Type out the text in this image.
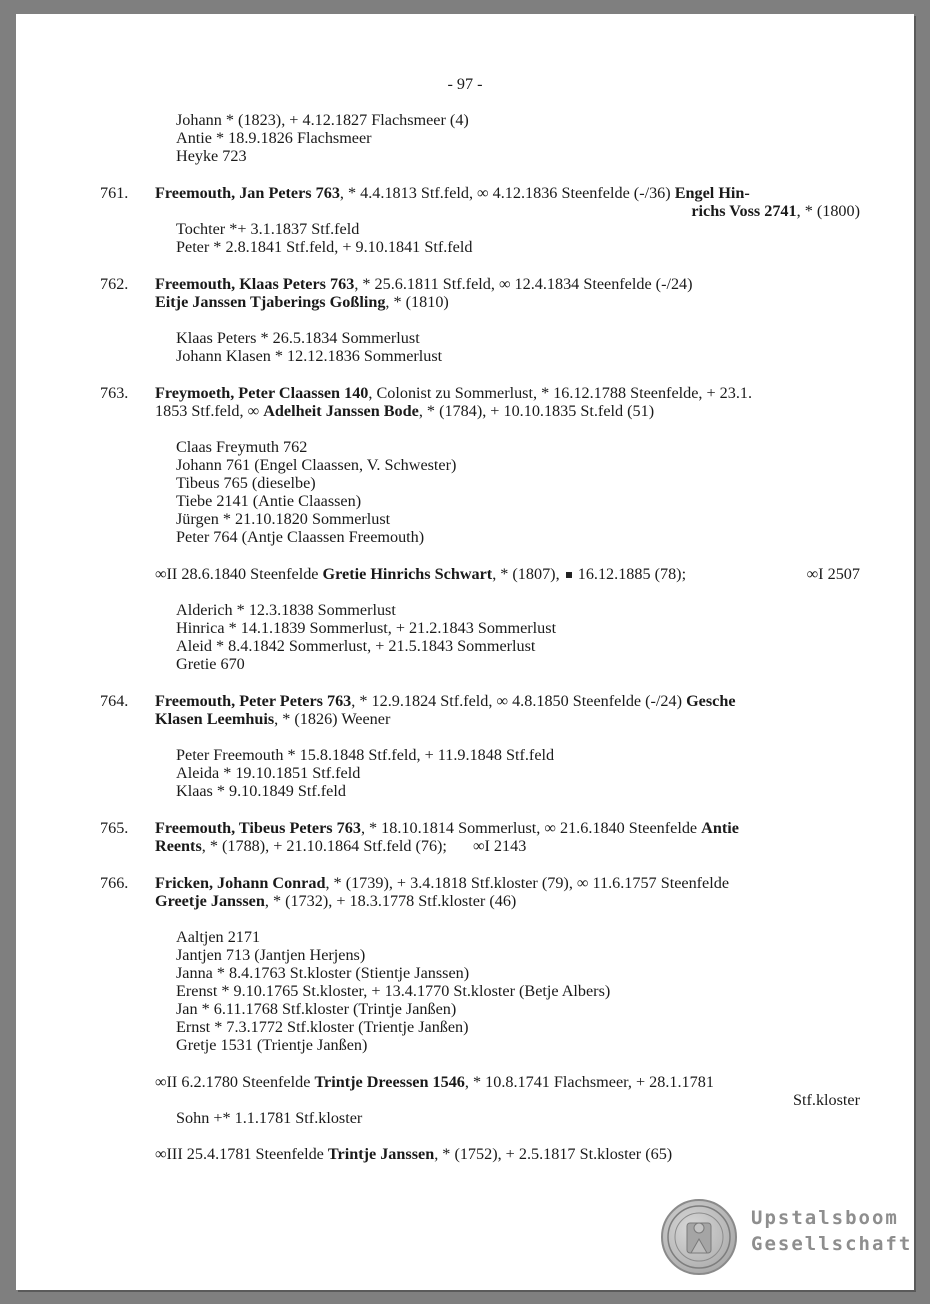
- 97 -
Johann * (1823), + 4.12.1827 Flachsmeer (4)
Antie * 18.9.1826 Flachsmeer
Heyke 723
761. Freemouth, Jan Peters 763, * 4.4.1813 Stf.feld, ∞ 4.12.1836 Steenfelde (-/36) Engel Hin-
richs Voss 2741, * (1800)
Tochter *+ 3.1.1837 Stf.feld
Peter * 2.8.1841 Stf.feld, + 9.10.1841 Stf.feld
762. Freemouth, Klaas Peters 763, * 25.6.1811 Stf.feld, ∞ 12.4.1834 Steenfelde (-/24)
Eitje Janssen Tjaberings Goßling, * (1810)
Klaas Peters * 26.5.1834 Sommerlust
Johann Klasen * 12.12.1836 Sommerlust
763. Freymoeth, Peter Claassen 140, Colonist zu Sommerlust, * 16.12.1788 Steenfelde, + 23.1.
1853 Stf.feld, ∞ Adelheit Janssen Bode, * (1784), + 10.10.1835 St.feld (51)
Claas Freymuth 762
Johann 761 (Engel Claassen, V. Schwester)
Tibeus 765 (dieselbe)
Tiebe 2141 (Antie Claassen)
Jürgen * 21.10.1820 Sommerlust
Peter 764 (Antje Claassen Freemouth)
∞II 28.6.1840 Steenfelde Gretie Hinrichs Schwart, * (1807),  16.12.1885 (78);	∞I 2507
Alderich * 12.3.1838 Sommerlust
Hinrica * 14.1.1839 Sommerlust, + 21.2.1843 Sommerlust
Aleid * 8.4.1842 Sommerlust, + 21.5.1843 Sommerlust
Gretie 670
764. Freemouth, Peter Peters 763, * 12.9.1824 Stf.feld, ∞ 4.8.1850 Steenfelde (-/24) Gesche
Klasen Leemhuis, * (1826) Weener
Peter Freemouth * 15.8.1848 Stf.feld, + 11.9.1848 Stf.feld
Aleida * 19.10.1851 Stf.feld
Klaas * 9.10.1849 Stf.feld
765. Freemouth, Tibeus Peters 763, * 18.10.1814 Sommerlust, ∞ 21.6.1840 Steenfelde Antie
Reents, * (1788), + 21.10.1864 Stf.feld (76); ∞I 2143
766. Fricken, Johann Conrad, * (1739), + 3.4.1818 Stf.kloster (79), ∞ 11.6.1757 Steenfelde
Greetje Janssen, * (1732), + 18.3.1778 Stf.kloster (46)
Aaltjen 2171
Jantjen 713 (Jantjen Herjens)
Janna * 8.4.1763 St.kloster (Stientje Janssen)
Erenst * 9.10.1765 St.kloster, + 13.4.1770 St.kloster (Betje Albers)
Jan * 6.11.1768 Stf.kloster (Trintje Janßen)
Ernst * 7.3.1772 Stf.kloster (Trientje Janßen)
Gretje 1531 (Trientje Janßen)
∞II 6.2.1780 Steenfelde Trintje Dreessen 1546, * 10.8.1741 Flachsmeer, + 28.1.1781
Stf.kloster
Sohn +* 1.1.1781 Stf.kloster
∞III 25.4.1781 Steenfelde Trintje Janssen, * (1752), + 2.5.1817 St.kloster (65)
Upstalsboom
Gesellschaft
